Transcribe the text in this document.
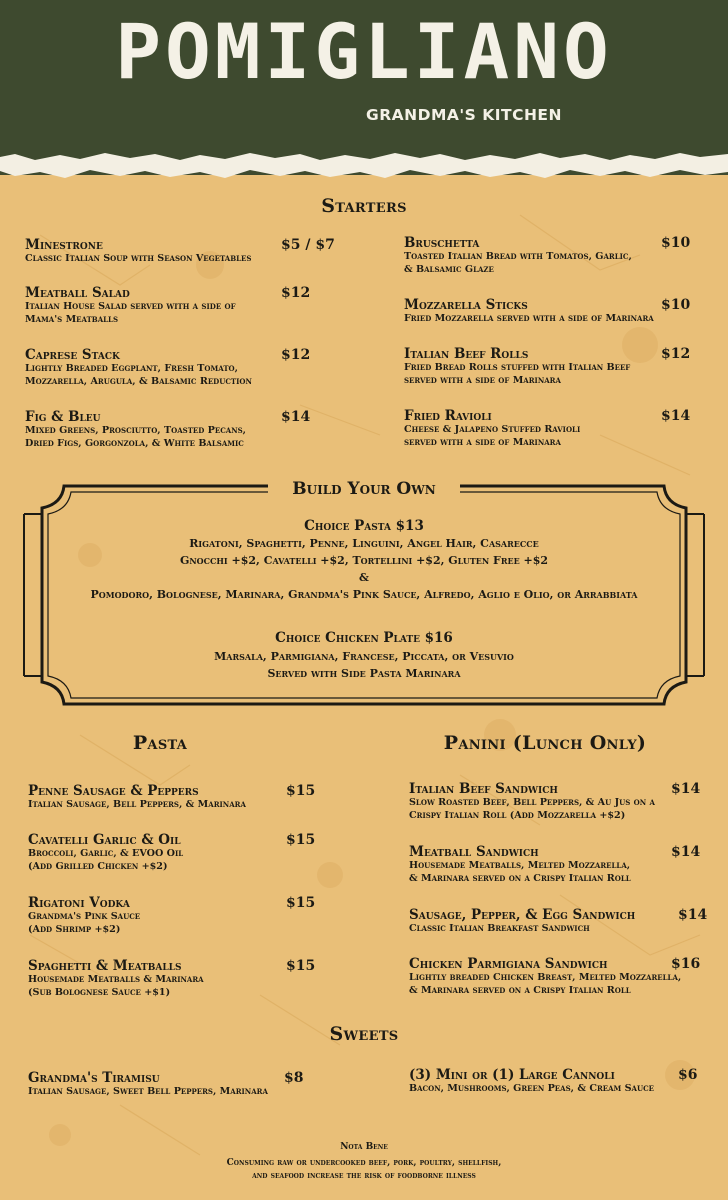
POMIGLIANO
GRANDMA'S KITCHEN
Starters
Minestrone
Classic Italian Soup with Season Vegetables
$5 / $7
Meatball Salad
Italian House Salad served with a side of
Mama's Meatballs
$12
Caprese Stack
Lightly Breaded Eggplant, Fresh Tomato,
Mozzarella, Arugula, & Balsamic Reduction
$12
Fig & Bleu
Mixed Greens, Prosciutto, Toasted Pecans,
Dried Figs, Gorgonzola, & White Balsamic
$14
Bruschetta
Toasted Italian Bread with Tomatos, Garlic,
& Balsamic Glaze
$10
Mozzarella Sticks
Fried Mozzarella served with a side of Marinara
$10
Italian Beef Rolls
Fried Bread Rolls stuffed with Italian Beef
served with a side of Marinara
$12
Fried Ravioli
Cheese & Jalapeno Stuffed Ravioli
served with a side of Marinara
$14
Build Your Own
Choice Pasta $13
Rigatoni, Spaghetti, Penne, Linguini, Angel Hair, Casarecce
Gnocchi +$2, Cavatelli +$2, Tortellini +$2, Gluten Free +$2
&
Pomodoro, Bolognese, Marinara, Grandma's Pink Sauce, Alfredo, Aglio e Olio, or Arrabbiata
Choice Chicken Plate $16
Marsala, Parmigiana, Francese, Piccata, or Vesuvio
Served with Side Pasta Marinara
Pasta
Penne Sausage & Peppers
Italian Sausage, Bell Peppers, & Marinara
$15
Cavatelli Garlic & Oil
Broccoli, Garlic, & EVOO Oil
(Add Grilled Chicken +$2)
$15
Rigatoni Vodka
Grandma's Pink Sauce
(Add Shrimp +$2)
$15
Spaghetti & Meatballs
Housemade Meatballs & Marinara
(Sub Bolognese Sauce +$1)
$15
Panini (Lunch Only)
Italian Beef Sandwich
Slow Roasted Beef, Bell Peppers, & Au Jus on a
Crispy Italian Roll (Add Mozzarella +$2)
$14
Meatball Sandwich
Housemade Meatballs, Melted Mozzarella,
& Marinara served on a Crispy Italian Roll
$14
Sausage, Pepper, & Egg Sandwich
Classic Italian Breakfast Sandwich
$14
Chicken Parmigiana Sandwich
Lightly breaded Chicken Breast, Melted Mozzarella,
& Marinara served on a Crispy Italian Roll
$16
Sweets
Grandma's Tiramisu
Italian Sausage, Sweet Bell Peppers, Marinara
$8	(3) Mini or (1) Large Cannoli
Bacon, Mushrooms, Green Peas, & Cream Sauce
$6
Nota Bene
Consuming raw or undercooked beef, pork, poultry, shellfish,
and seafood increase the risk of foodborne illness
